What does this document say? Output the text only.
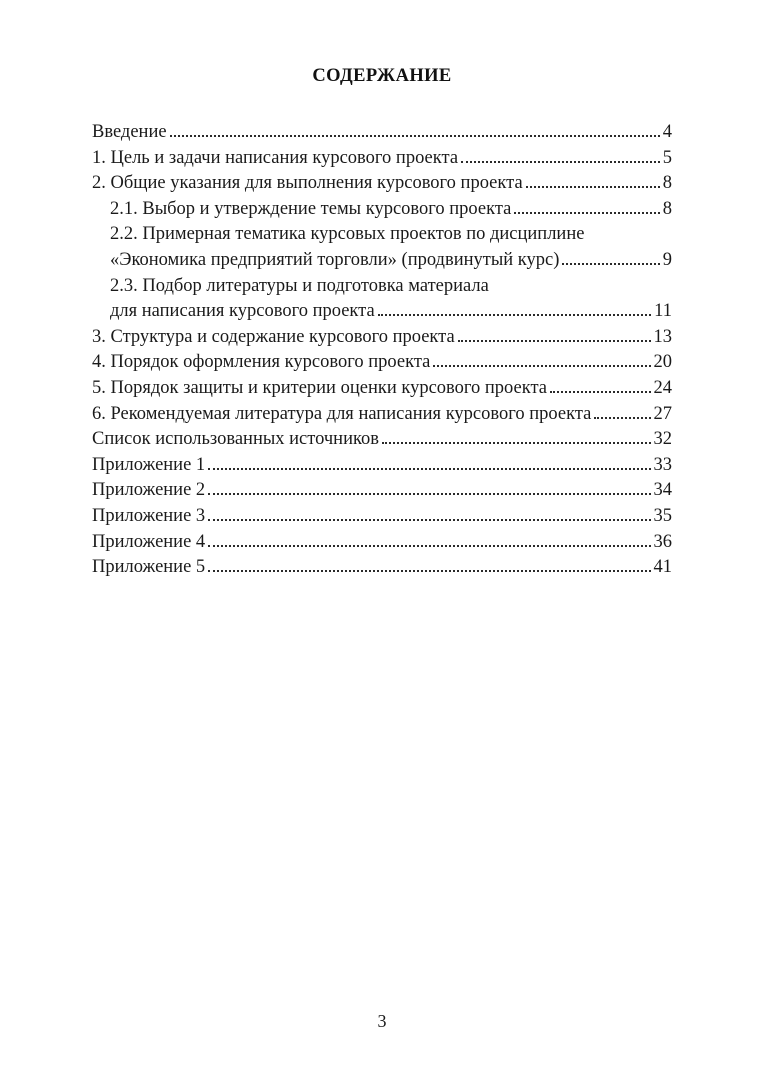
СОДЕРЖАНИЕ
Введение	4
1. Цель и задачи написания курсового проекта	5
2. Общие указания для выполнения курсового проекта	8
2.1. Выбор и утверждение темы курсового проекта	8
2.2. Примерная тематика курсовых проектов по дисциплине
«Экономика предприятий торговли» (продвинутый курс)	9
2.3. Подбор литературы и подготовка материала
для написания курсового проекта	11
3. Структура и содержание курсового проекта	13
4. Порядок оформления курсового проекта	20
5. Порядок защиты и критерии оценки курсового проекта	24
6. Рекомендуемая литература для написания курсового проекта	27
Список использованных источников	32
Приложение 1	33
Приложение 2	34
Приложение 3	35
Приложение 4	36
Приложение 5	41
3
